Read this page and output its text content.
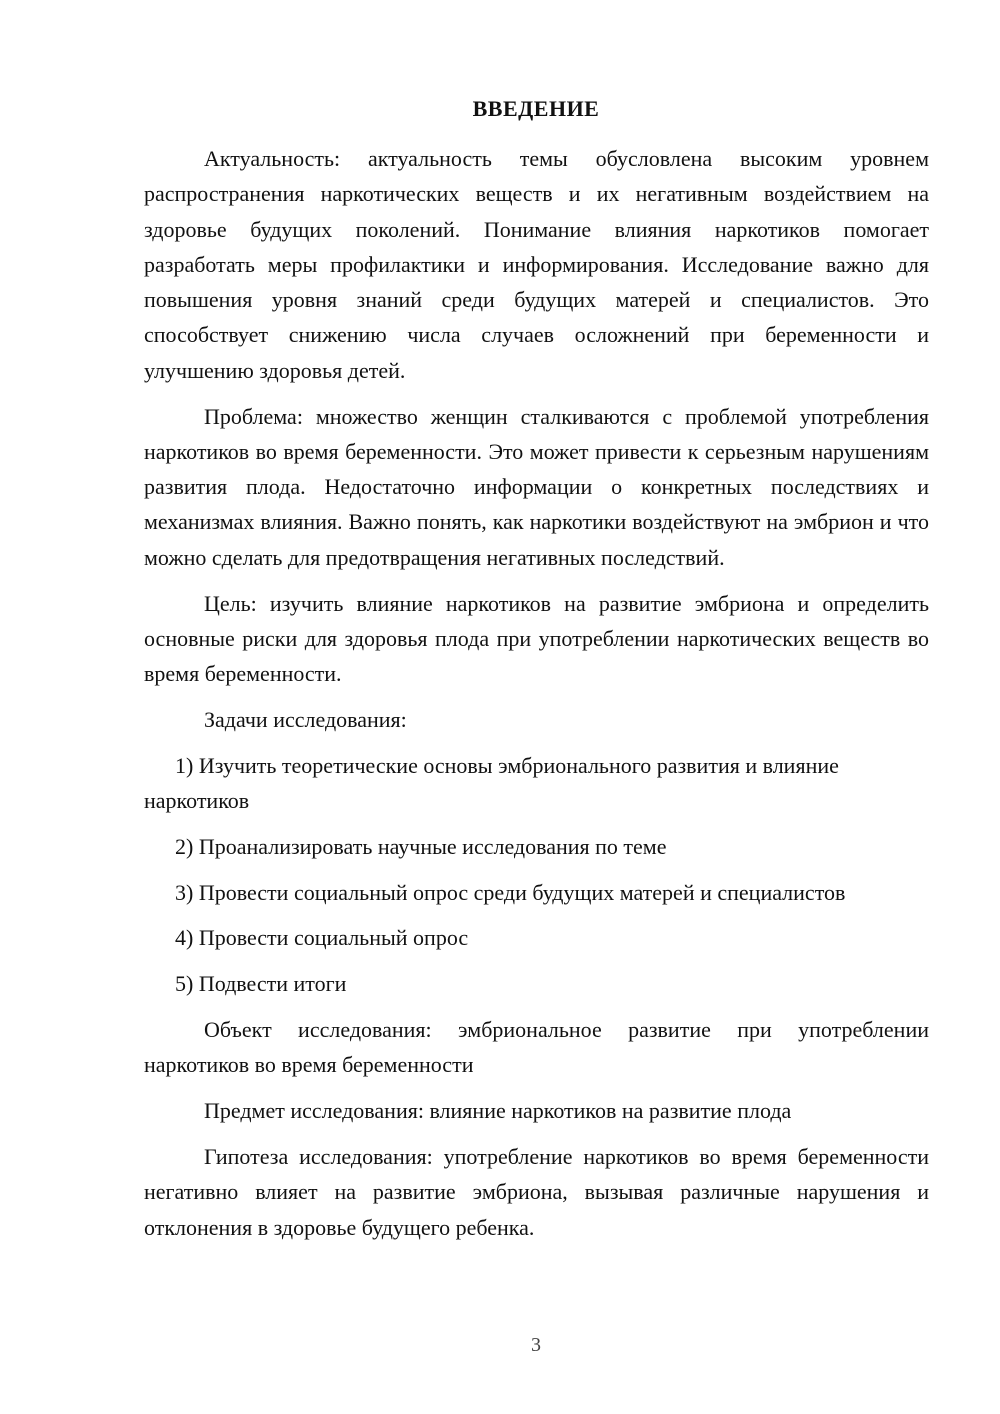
ВВЕДЕНИЕ

Актуальность: актуальность темы обусловлена высоким уровнем распространения наркотических веществ и их негативным воздействием на здоровье будущих поколений. Понимание влияния наркотиков помогает разработать меры профилактики и информирования. Исследование важно для повышения уровня знаний среди будущих матерей и специалистов. Это способствует снижению числа случаев осложнений при беременности и улучшению здоровья детей.

Проблема: множество женщин сталкиваются с проблемой употребления наркотиков во время беременности. Это может привести к серьезным нарушениям развития плода. Недостаточно информации о конкретных последствиях и механизмах влияния. Важно понять, как наркотики воздействуют на эмбрион и что можно сделать для предотвращения негативных последствий.

Цель: изучить влияние наркотиков на развитие эмбриона и определить основные риски для здоровья плода при употреблении наркотических веществ во время беременности.

Задачи исследования:

1) Изучить теоретические основы эмбрионального развития и влияние наркотиков

2) Проанализировать научные исследования по теме

3) Провести социальный опрос среди будущих матерей и специалистов

4) Провести социальный опрос

5) Подвести итоги

Объект исследования: эмбриональное развитие при употреблении наркотиков во время беременности

Предмет исследования: влияние наркотиков на развитие плода

Гипотеза исследования: употребление наркотиков во время беременности негативно влияет на развитие эмбриона, вызывая различные нарушения и отклонения в здоровье будущего ребенка.

3
